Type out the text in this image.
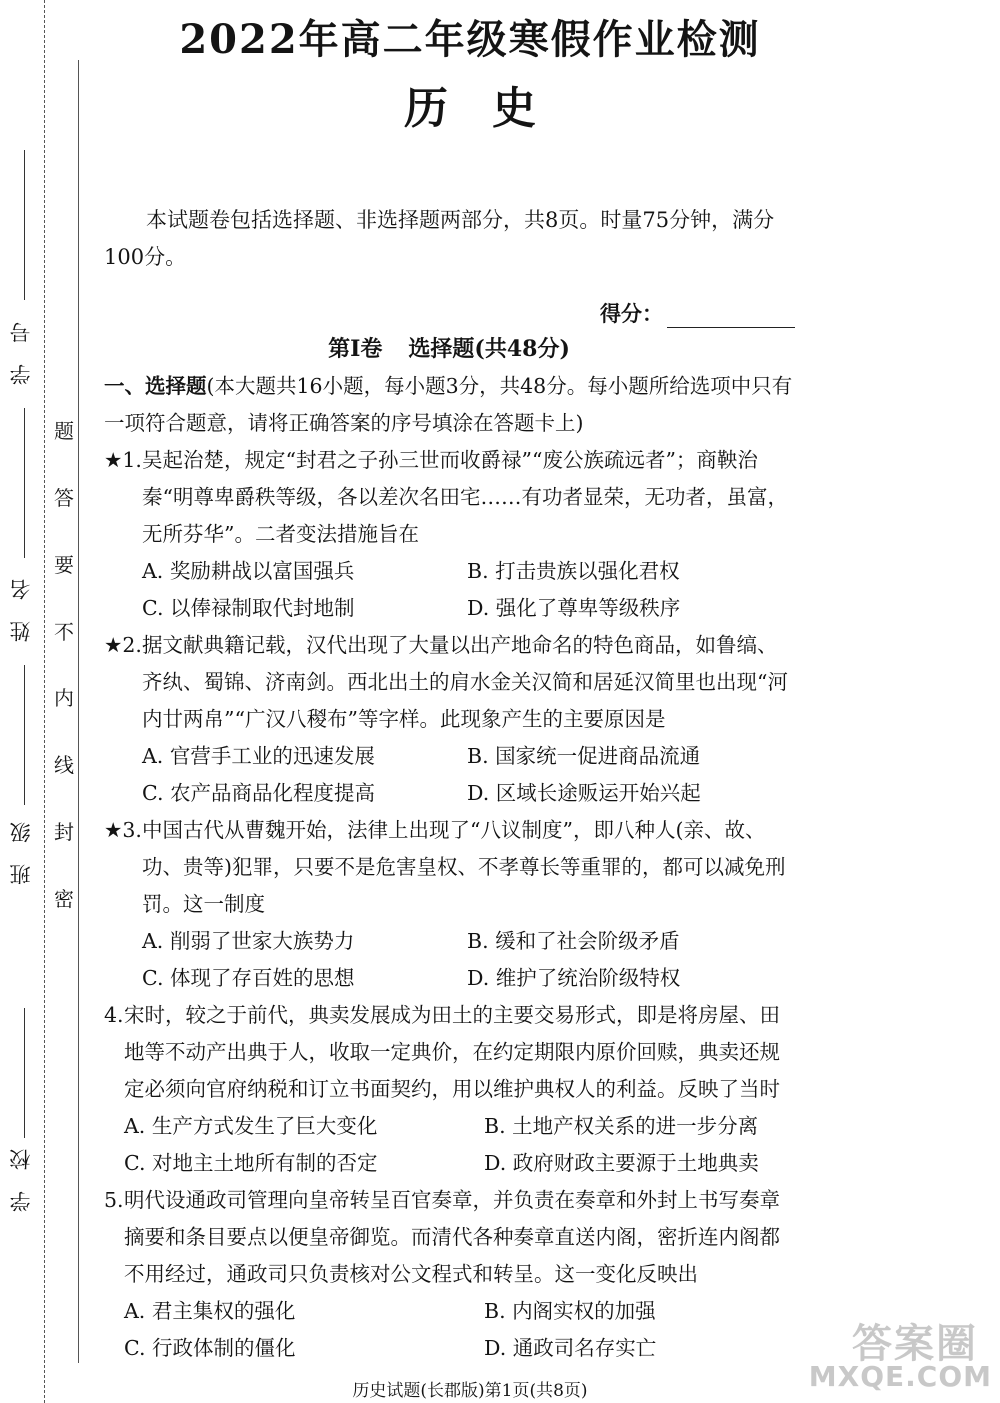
学　号
姓　名
班　级
学　校
题
答
要
不
内
线
封
密
2022年高二年级寒假作业检测
历　史

本试题卷包括选择题、非选择题两部分，共8页。时量75分钟，满分100分。

得分：
第Ⅰ卷 选择题(共48分)

一、选择题(本大题共16小题，每小题3分，共48分。每小题所给选项中只有一项符合题意，请将正确答案的序号填涂在答题卡上)

★1.吴起治楚，规定“封君之子孙三世而收爵禄”“废公族疏远者”；商鞅治秦“明尊卑爵秩等级，各以差次名田宅……有功者显荣，无功者，虽富，无所芬华”。二者变法措施旨在

A. 奖励耕战以富国强兵	B. 打击贵族以强化君权
C. 以俸禄制取代封地制	D. 强化了尊卑等级秩序

★2.据文献典籍记载，汉代出现了大量以出产地命名的特色商品，如鲁缟、齐纨、蜀锦、济南剑。西北出土的肩水金关汉简和居延汉简里也出现“河内廿两帛”“广汉八稯布”等字样。此现象产生的主要原因是

A. 官营手工业的迅速发展	B. 国家统一促进商品流通
C. 农产品商品化程度提高	D. 区域长途贩运开始兴起

★3.中国古代从曹魏开始，法律上出现了“八议制度”，即八种人(亲、故、功、贵等)犯罪，只要不是危害皇权、不孝尊长等重罪的，都可以减免刑罚。这一制度

A. 削弱了世家大族势力	B. 缓和了社会阶级矛盾
C. 体现了存百姓的思想	D. 维护了统治阶级特权

4.宋时，较之于前代，典卖发展成为田土的主要交易形式，即是将房屋、田地等不动产出典于人，收取一定典价，在约定期限内原价回赎，典卖还规定必须向官府纳税和订立书面契约，用以维护典权人的利益。反映了当时

A. 生产方式发生了巨大变化	B. 土地产权关系的进一步分离
C. 对地主土地所有制的否定	D. 政府财政主要源于土地典卖

5.明代设通政司管理向皇帝转呈百官奏章，并负责在奏章和外封上书写奏章摘要和条目要点以便皇帝御览。而清代各种奏章直送内阁，密折连内阁都不用经过，通政司只负责核对公文程式和转呈。这一变化反映出

A. 君主集权的强化	B. 内阁实权的加强
C. 行政体制的僵化	D. 通政司名存实亡
历史试题(长郡版)第1页(共8页)
答案圈
MXQE.COM
